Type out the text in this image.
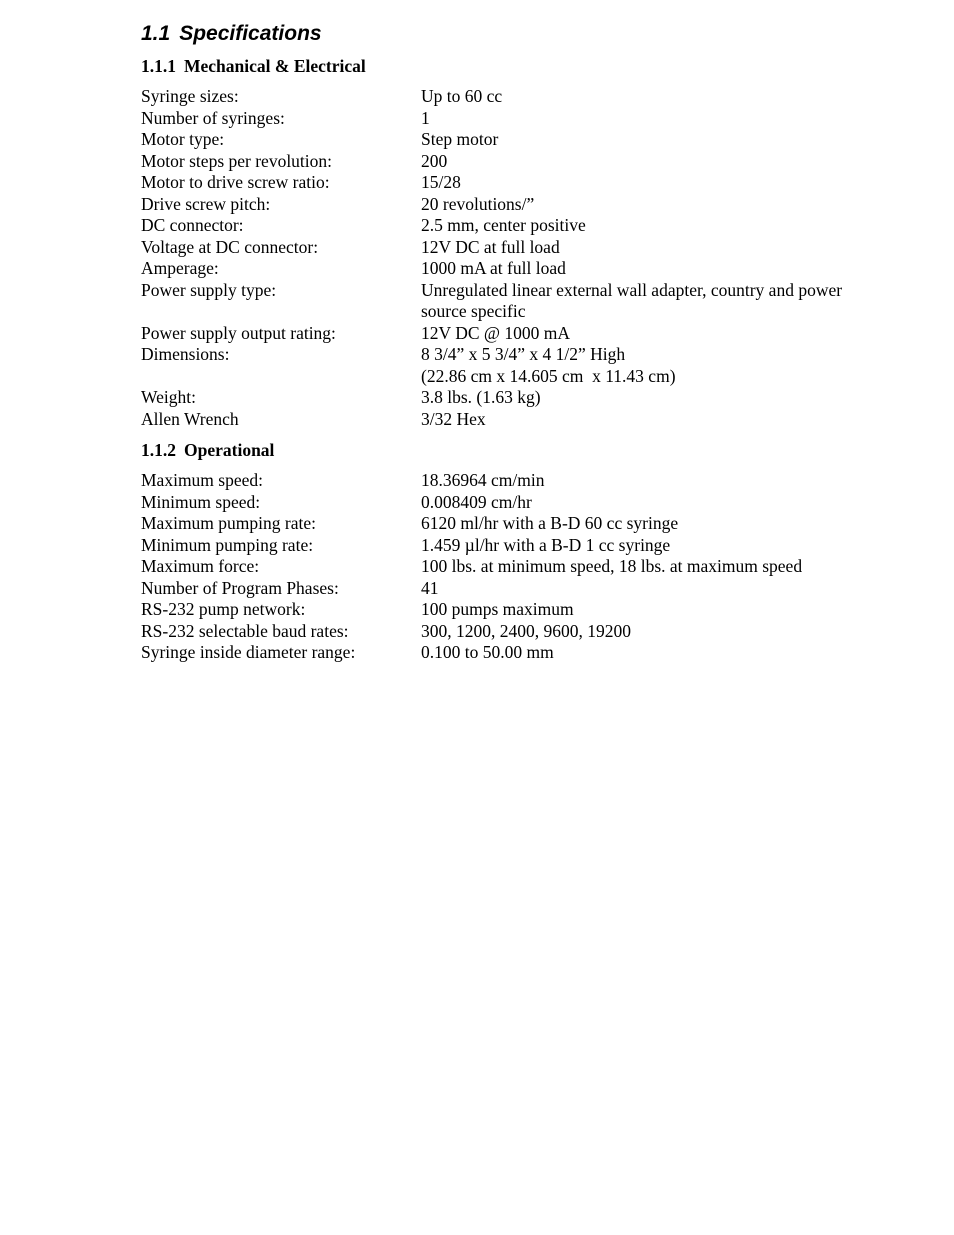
1.1 Specifications
1.1.1 Mechanical & Electrical
Syringe sizes:	Up to 60 cc
Number of syringes:	1
Motor type:	Step motor
Motor steps per revolution:	200
Motor to drive screw ratio:	15/28
Drive screw pitch:	20 revolutions/”
DC connector:	2.5 mm, center positive
Voltage at DC connector:	12V DC at full load
Amperage:	1000 mA at full load
Power supply type:	Unregulated linear external wall adapter, country and power source specific
Power supply output rating:	12V DC @ 1000 mA
Dimensions:	8 3/4” x 5 3/4” x 4 1/2” High
(22.86 cm x 14.605 cm  x 11.43 cm)
Weight:	3.8 lbs. (1.63 kg)
Allen Wrench	3/32 Hex
1.1.2 Operational
Maximum speed:	18.36964 cm/min
Minimum speed:	0.008409 cm/hr
Maximum pumping rate:	6120 ml/hr with a B-D 60 cc syringe
Minimum pumping rate:	1.459 µl/hr with a B-D 1 cc syringe
Maximum force:	100 lbs. at minimum speed, 18 lbs. at maximum speed
Number of Program Phases:	41
RS-232 pump network:	100 pumps maximum
RS-232 selectable baud rates:	300, 1200, 2400, 9600, 19200
Syringe inside diameter range:	0.100 to 50.00 mm
